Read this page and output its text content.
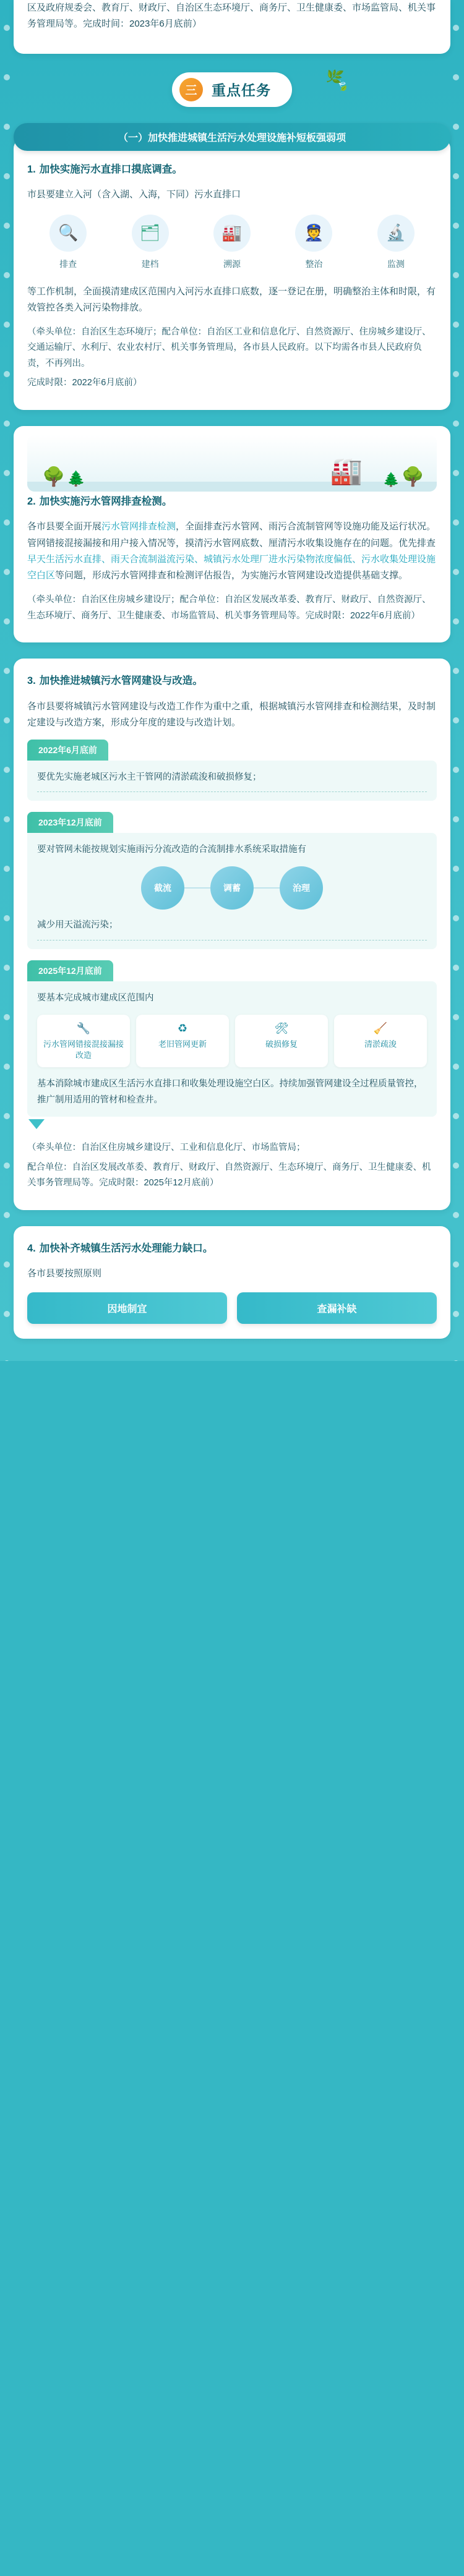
区及政府规委会、教育厅、财政厅、自治区生态环境厅、商务厅、卫生健康委、市场监管局、机关事务管理局等。完成时间：2023年6月底前）

🌿
🍃
三	重点任务
（一）加快推进城镇生活污水处理设施补短板强弱项
1. 加快实施污水直排口摸底调查。

市县要建立入河（含入湖、入海，下同）污水直排口

🔍
排查
🗂
建档
🏭
溯源
👮
整治
🔬
监测

等工作机制，全面摸清建成区范围内入河污水直排口底数，逐一登记在册，明确整治主体和时限，有效管控各类入河污染物排放。

（牵头单位：自治区生态环境厅；配合单位：自治区工业和信息化厅、自然资源厅、住房城乡建设厅、交通运输厅、水利厅、农业农村厅、机关事务管理局，各市县人民政府。以下均需各市县人民政府负责，不再列出。

完成时限：2022年6月底前）

🌳 🌲	🏭 🌳
🌲
2. 加快实施污水管网排查检测。

各市县要全面开展污水管网排查检测，全面排查污水管网、雨污合流制管网等设施功能及运行状况。管网错接混接漏接和用户接入情况等，摸清污水管网底数、厘清污水收集设施存在的问题。优先排查早天生活污水直排、雨天合流制溢流污染、城镇污水处理厂进水污染物浓度偏低、污水收集处理设施空白区等问题，形成污水管网排查和检测评估报告，为实施污水管网建设改造提供基础支撑。

（牵头单位：自治区住房城乡建设厅；配合单位：自治区发展改革委、教育厅、财政厅、自然资源厅、生态环境厅、商务厅、卫生健康委、市场监管局、机关事务管理局等。完成时限：2022年6月底前）

3. 加快推进城镇污水管网建设与改造。

各市县要将城镇污水管网建设与改造工作作为重中之重，根据城镇污水管网排查和检测结果，及时制定建设与改造方案，形成分年度的建设与改造计划。

2022年6月底前
要优先实施老城区污水主干管网的清淤疏浚和破损修复；
2023年12月底前
要对管网未能按规划实施雨污分流改造的合流制排水系统采取措施有
截流	调蓄	治理
减少用天溢流污染；
2025年12月底前
要基本完成城市建成区范围内
🔧
污水管网错接混接漏接改造
♻
老旧管网更新
🛠
破损修复
🧹
清淤疏浚
基本消除城市建成区生活污水直排口和收集处理设施空白区。持续加强管网建设全过程质量管控，推广制用适用的管材和检查井。

（牵头单位：自治区住房城乡建设厅、工业和信息化厅、市场监管局；

配合单位：自治区发展改革委、教育厅、财政厅、自然资源厅、生态环境厅、商务厅、卫生健康委、机关事务管理局等。完成时限：2025年12月底前）

4. 加快补齐城镇生活污水处理能力缺口。

各市县要按照原则

因地制宜	查漏补缺
